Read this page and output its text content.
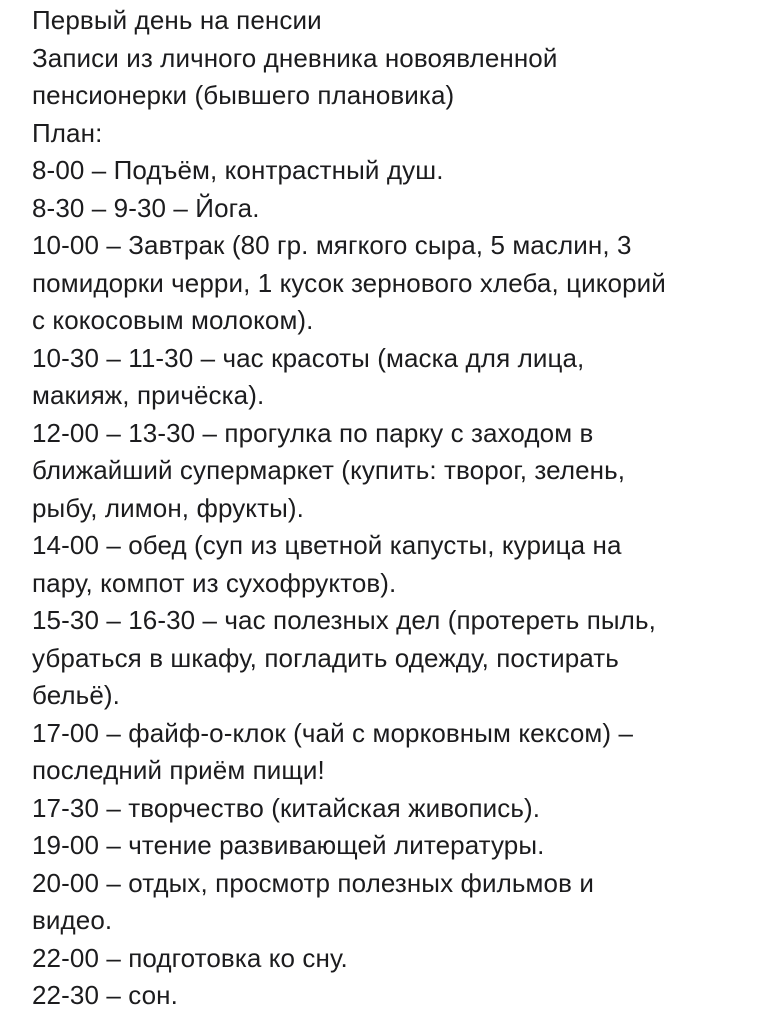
Первый день на пенсии
Записи из личного дневника новоявленной
пенсионерки (бывшего плановика)
План:
8-00 – Подъём, контрастный душ.
8-30 – 9-30 – Йога.
10-00 – Завтрак (80 гр. мягкого сыра, 5 маслин, 3
помидорки черри, 1 кусок зернового хлеба, цикорий
с кокосовым молоком).
10-30 – 11-30 – час красоты (маска для лица,
макияж, причёска).
12-00 – 13-30 – прогулка по парку с заходом в
ближайший супермаркет (купить: творог, зелень,
рыбу, лимон, фрукты).
14-00 – обед (суп из цветной капусты, курица на
пару, компот из сухофруктов).
15-30 – 16-30 – час полезных дел (протереть пыль,
убраться в шкафу, погладить одежду, постирать
бельё).
17-00 – файф-о-клок (чай с морковным кексом) –
последний приём пищи!
17-30 – творчество (китайская живопись).
19-00 – чтение развивающей литературы.
20-00 – отдых, просмотр полезных фильмов и
видео.
22-00 – подготовка ко сну.
22-30 – сон.
